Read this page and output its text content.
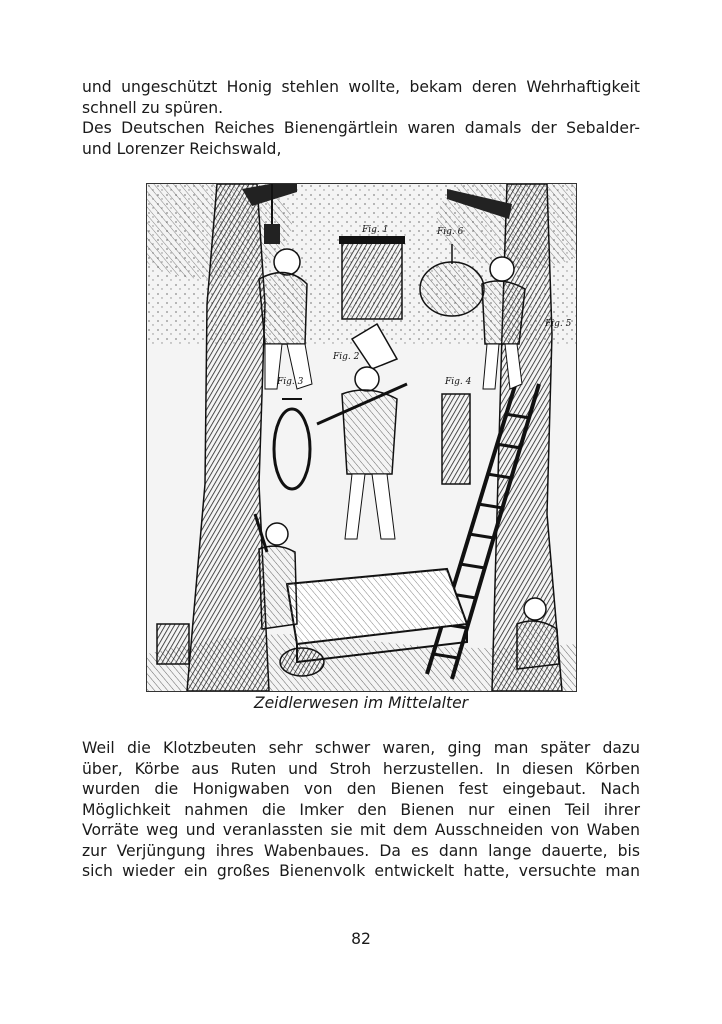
und ungeschützt Honig stehlen wollte, bekam deren Wehrhaftigkeit
schnell zu spüren.
Des Deutschen Reiches Bienengärtlein waren damals der Sebalder-
und Lorenzer Reichswald,
Fig. 1
Fig. 2
Fig. 3	Fig. 4
Fig. 5
Fig. 6
Zeidlerwesen im Mittelalter
Weil die Klotzbeuten sehr schwer waren, ging man später dazu
über, Körbe aus Ruten und Stroh herzustellen. In diesen Körben
wurden die Honigwaben von den Bienen fest eingebaut. Nach
Möglichkeit nahmen die Imker den Bienen nur einen Teil ihrer
Vorräte weg und veranlassten sie mit dem Ausschneiden von Waben
zur Verjüngung ihres Wabenbaues. Da es dann lange dauerte, bis
sich wieder ein großes Bienenvolk entwickelt hatte, versuchte man
82
